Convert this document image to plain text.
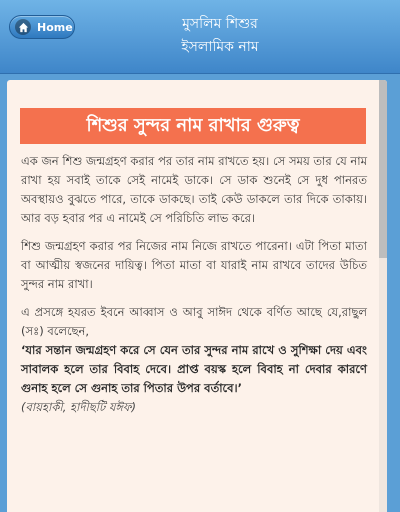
Home	মুসলিম শিশুর
ইসলামিক নাম
শিশুর সুন্দর নাম রাখার গুরুত্ব

এক জন শিশু জন্মগ্রহণ করার পর তার নাম রাখতে হয়। সে সময় তার যে নাম রাখা হয় সবাই তাকে সেই নামেই ডাকে। সে ডাক শুনেই সে দুধ পানরত অবস্থায়ও বুঝতে পারে, তাকে ডাকছে। তাই কেউ ডাকলে তার দিকে তাকায়। আর বড় হবার পর এ নামেই সে পরিচিতি লাভ করে।

শিশু জন্মগ্রহণ করার পর নিজের নাম নিজে রাখতে পারেনা। এটা পিতা মাতা বা আত্মীয় স্বজনের দায়িত্ব। পিতা মাতা বা যারাই নাম রাখবে তাদের উচিত সুন্দর নাম রাখা।

এ প্রসঙ্গে হযরত ইবনে আব্বাস ও আবু সাঈদ থেকে বর্ণিত আছে যে,রাছুল (সঃ) বলেছেন,
‘যার সন্তান জন্মগ্রহণ করে সে যেন তার সুন্দর নাম রাখে ও সুশিক্ষা দেয় এবং সাবালক হলে তার বিবাহ দেবে। প্রাপ্ত বয়স্ক হলে বিবাহ না দেবার কারণে গুনাহ হলে সে গুনাহ তার পিতার উপর বর্তাবে।’
(বায়হাকী, হাদীছটি যঈফ)
